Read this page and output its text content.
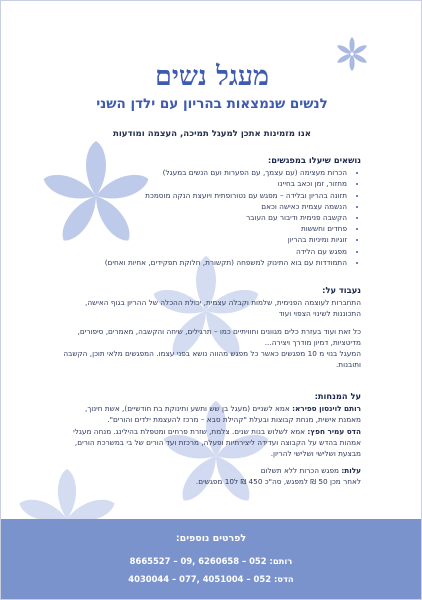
מעגל נשים
לנשים שנמצאות בהריון עם ילדן השני

אנו מזמינות אתכן למעגל תמיכה, העצמה ומודעות

נושאים שיעלו במפגשים:

• הכרות מעצימה (עם עצמך, עם הפערות ועם הנשים במעגל)
• מחזור, זמן וכאב בחיינו
• תזונה בהריון ובלידה – מפגש עם נטורופתית ויועצת הנקה מוסמכת
• הנשמה עצמית כאישה וכאם
• הקשבה פנימית ודיבור עם העובר
• פחדים וחששות
• זוגיות ומיניות בהריון
• מפגש עם הלידה
• התמודדות עם בוא התינוק למשפחה (תקשורת, חלוקת תפקידים, אחיות ואחים)

נעבוד על:

התחברות לעוצמה הפנימית, שלמות וקבלה עצמית, יכולת ההכלה של ההריון בגוף האישה, התכוננות לשינוי הצפוי ועוד

כל זאת ועוד בעזרת כלים מגוונים וחוויתיים כמו – תרגילים, שיחה והקשבה, מאמרים, סיפורים, מדיטציות, דמיון מודרך ויצירה...

המעגל בנוי מ 10 מפגשים כאשר כל מפגש מהווה נושא בפני עצמו. המפגשים מלאי תוכן, הקשבה ותובנות.

על המנחות:

רותם לוינסון ספירא: אמא לשניים (מעגל בן שש ותשע ותינוקת בת חודשיים), אשת חינוך, מאמנת אישית, מנחת קבוצות ובעלת "קהילת סבא – מרכז להעצמת ילדים והורים".

הדס עמיר חפץ: אמא לשלוש בנות שנים. צלמת, שזרת פרחים ומטפלת בהילינג. מנחה מעגלי אמהות בהדש על הקבוצה ועדידה ליצירתיות ופעלה, מרכזת ועד הורים של בי במשרכת הורים, מבצעת ושלישי ושלישי להריון.

עלות: מפגש הכרות ללא תשלום

לאחר מכן 50 ₪ למפגש, סה"כ 450 ₪ ל10 מפגשים.

לפרטים נוספים:
רותם: 052 – 6260658 ,09 – 8665527
הדס: 052 – 4051004 ,077 – 4030044
